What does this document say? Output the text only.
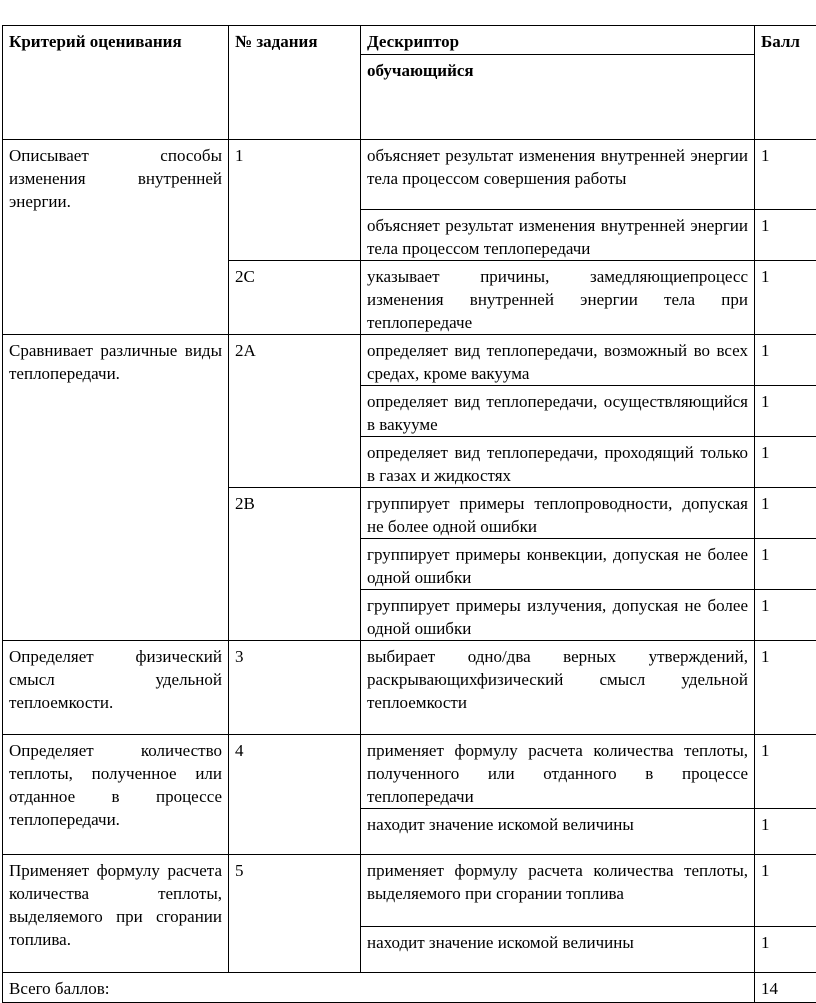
Критерий оценивания	№ задания	Дескриптор	Балл
		обучающийся	
Описывает способы изменения внутренней энергии.	1	объясняет результат изменения внутренней энергии тела процессом совершения работы	1
		объясняет результат изменения внутренней энергии тела процессом теплопередачи	1
	2С	указывает причины, замедляющиепроцесс изменения внутренней энергии тела при теплопередаче	1
Сравнивает различные виды теплопередачи.	2А	определяет вид теплопередачи, возможный во всех средах, кроме вакуума	1
		определяет вид теплопередачи, осуществляющийся в вакууме	1
		определяет вид теплопередачи, проходящий только в газах и жидкостях	1
	2В	группирует примеры теплопроводности, допуская не более одной ошибки	1
		группирует примеры конвекции, допуская не более одной ошибки	1
		группирует примеры излучения, допуская не более одной ошибки	1
Определяет физический смысл удельной теплоемкости.	3	выбирает одно/два верных утверждений, раскрывающихфизический смысл удельной теплоемкости	1
Определяет количество теплоты, полученное или отданное в процессе теплопередачи.	4	применяет формулу расчета количества теплоты, полученного или отданного в процессе теплопередачи	1
		находит значение искомой величины	1
Применяет формулу расчета количества теплоты, выделяемого при сгорании топлива.	5	применяет формулу расчета количества теплоты, выделяемого при сгорании топлива	1
		находит значение искомой величины	1
Всего баллов:			14
